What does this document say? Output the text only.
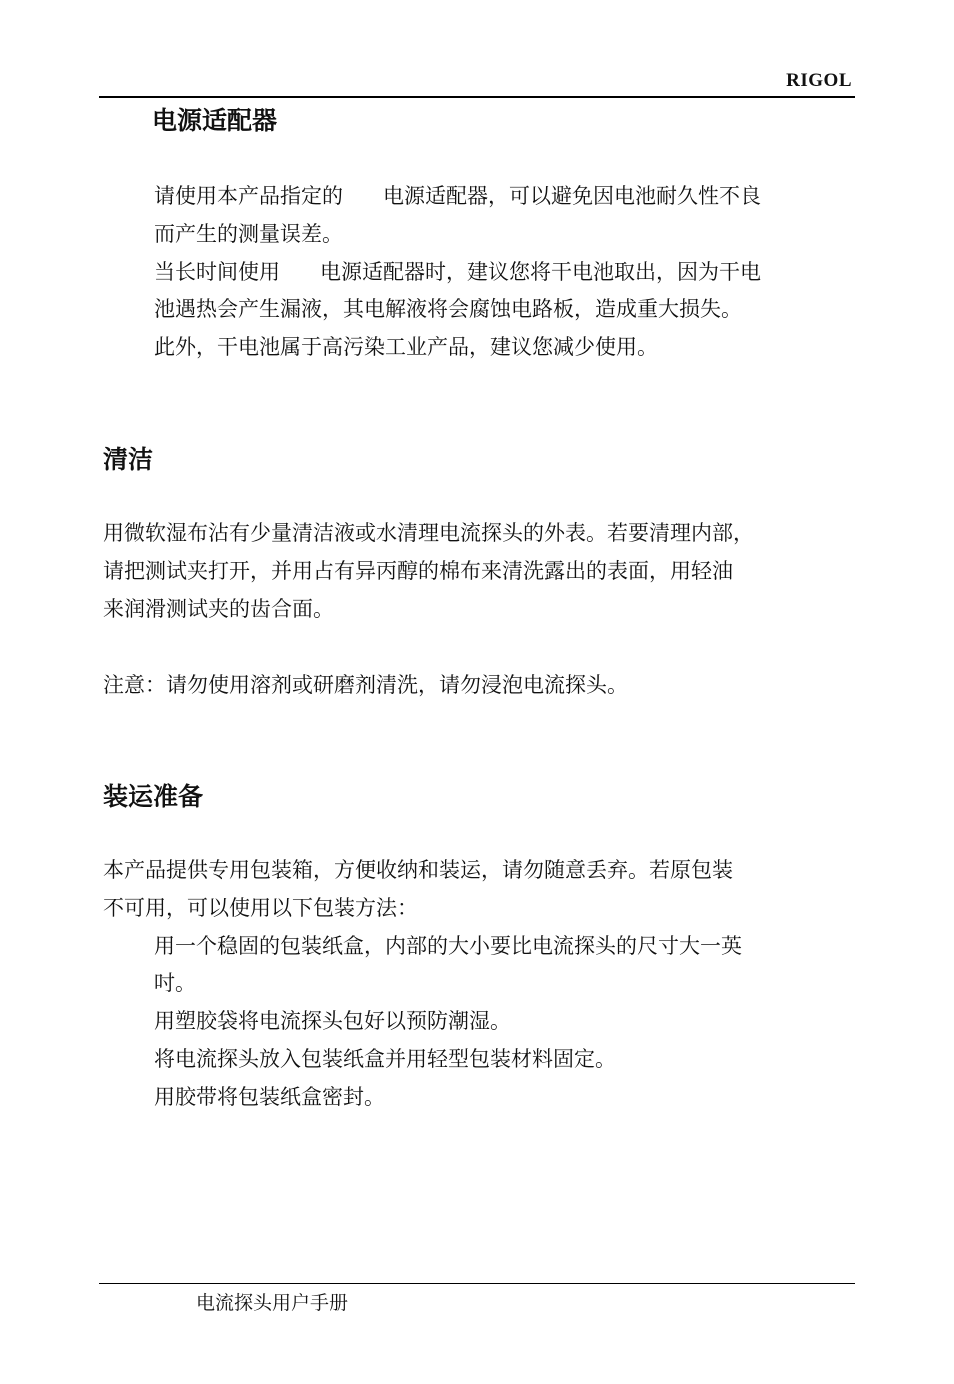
RIGOL
电源适配器

请使用本产品指定的 电源适配器，可以避免因电池耐久性不良

而产生的测量误差。

当长时间使用 电源适配器时，建议您将干电池取出，因为干电

池遇热会产生漏液，其电解液将会腐蚀电路板，造成重大损失。

此外，干电池属于高污染工业产品，建议您减少使用。

清洁

用微软湿布沾有少量清洁液或水清理电流探头的外表。若要清理内部，

请把测试夹打开，并用占有异丙醇的棉布来清洗露出的表面，用轻油

来润滑测试夹的齿合面。

注意：请勿使用溶剂或研磨剂清洗，请勿浸泡电流探头。

装运准备

本产品提供专用包装箱，方便收纳和装运，请勿随意丢弃。若原包装

不可用，可以使用以下包装方法：

用一个稳固的包装纸盒，内部的大小要比电流探头的尺寸大一英

吋。

用塑胶袋将电流探头包好以预防潮湿。

将电流探头放入包装纸盒并用轻型包装材料固定。

用胶带将包装纸盒密封。

电流探头用户手册
